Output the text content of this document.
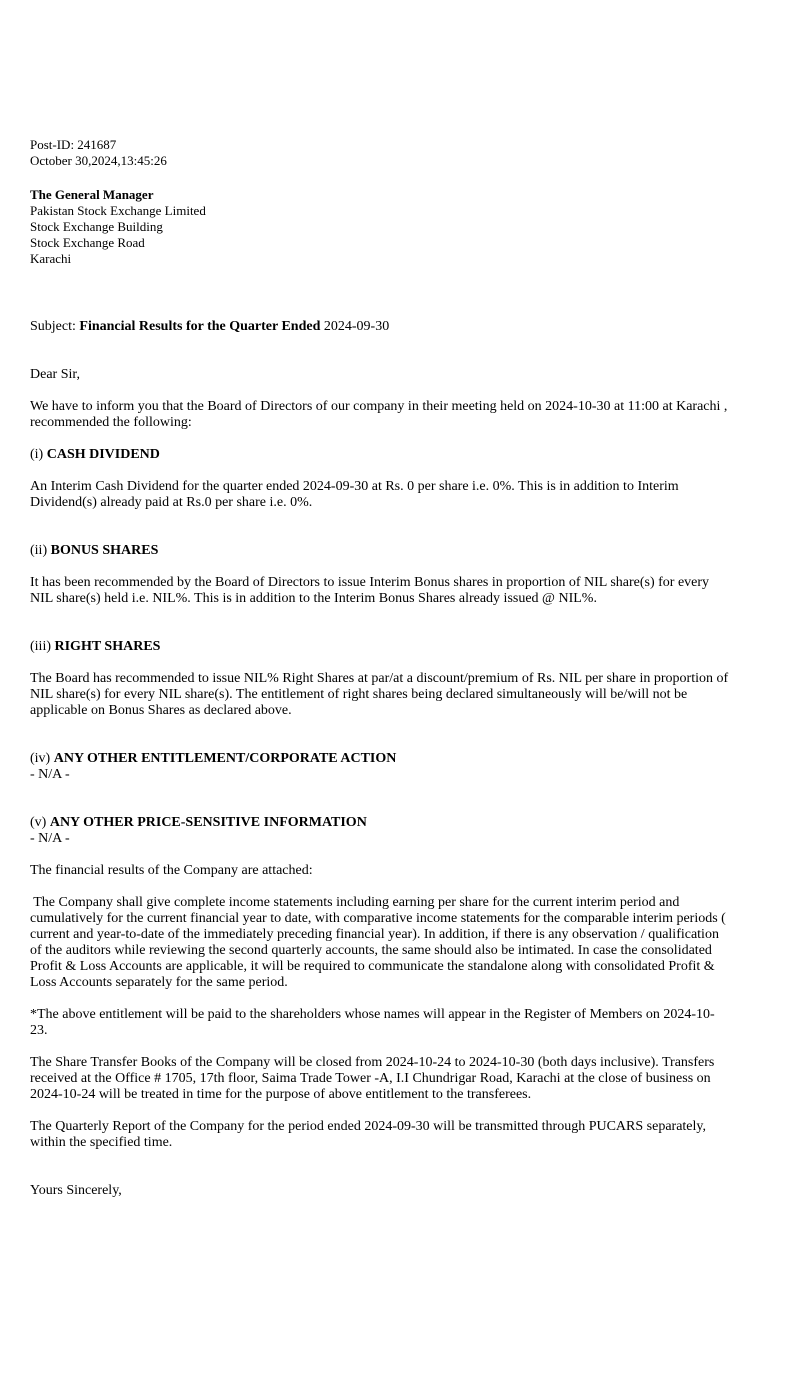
Post-ID: 241687
October 30,2024,13:45:26
The General Manager
Pakistan Stock Exchange Limited
Stock Exchange Building
Stock Exchange Road
Karachi
Subject: Financial Results for the Quarter Ended 2024-09-30
Dear Sir,
We have to inform you that the Board of Directors of our company in their meeting held on 2024-10-30 at 11:00 at Karachi ,
recommended the following:
(i) CASH DIVIDEND
An Interim Cash Dividend for the quarter ended 2024-09-30 at Rs. 0 per share i.e. 0%. This is in addition to Interim
Dividend(s) already paid at Rs.0 per share i.e. 0%.
(ii) BONUS SHARES
It has been recommended by the Board of Directors to issue Interim Bonus shares in proportion of NIL share(s) for every
NIL share(s) held i.e. NIL%. This is in addition to the Interim Bonus Shares already issued @ NIL%.
(iii) RIGHT SHARES
The Board has recommended to issue NIL% Right Shares at par/at a discount/premium of Rs. NIL per share in proportion of
NIL share(s) for every NIL share(s). The entitlement of right shares being declared simultaneously will be/will not be
applicable on Bonus Shares as declared above.
(iv) ANY OTHER ENTITLEMENT/CORPORATE ACTION
- N/A -
(v) ANY OTHER PRICE-SENSITIVE INFORMATION
- N/A -
The financial results of the Company are attached:
The Company shall give complete income statements including earning per share for the current interim period and
cumulatively for the current financial year to date, with comparative income statements for the comparable interim periods (
current and year-to-date of the immediately preceding financial year). In addition, if there is any observation / qualification
of the auditors while reviewing the second quarterly accounts, the same should also be intimated. In case the consolidated
Profit & Loss Accounts are applicable, it will be required to communicate the standalone along with consolidated Profit &
Loss Accounts separately for the same period.
*The above entitlement will be paid to the shareholders whose names will appear in the Register of Members on 2024-10-
23.
The Share Transfer Books of the Company will be closed from 2024-10-24 to 2024-10-30 (both days inclusive). Transfers
received at the Office # 1705, 17th floor, Saima Trade Tower -A, I.I Chundrigar Road, Karachi at the close of business on
2024-10-24 will be treated in time for the purpose of above entitlement to the transferees.
The Quarterly Report of the Company for the period ended 2024-09-30 will be transmitted through PUCARS separately,
within the specified time.
Yours Sincerely,
